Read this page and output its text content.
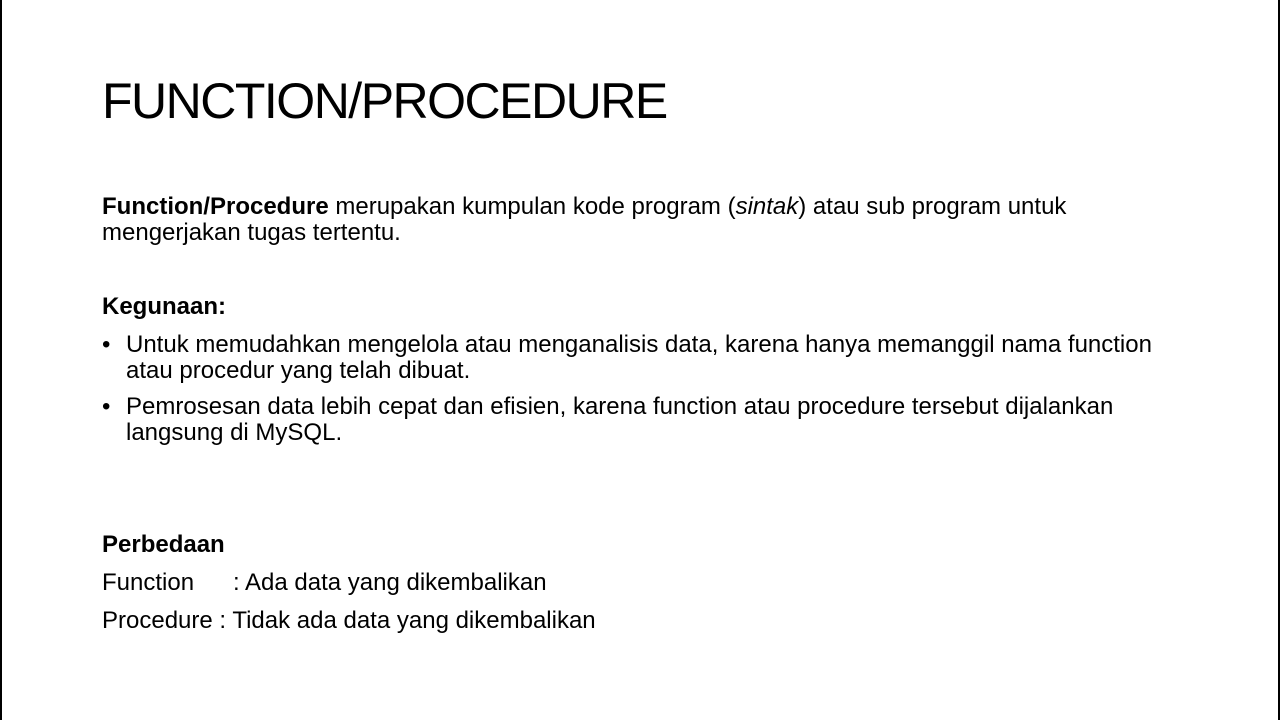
FUNCTION/PROCEDURE
Function/Procedure merupakan kumpulan kode program (sintak) atau sub program untuk mengerjakan tugas tertentu.
Kegunaan:
• Untuk memudahkan mengelola atau menganalisis data, karena hanya memanggil nama function atau procedur yang telah dibuat.
• Pemrosesan data lebih cepat dan efisien, karena function atau procedure tersebut dijalankan langsung di MySQL.
Perbedaan
Function : Ada data yang dikembalikan
Procedure : Tidak ada data yang dikembalikan
